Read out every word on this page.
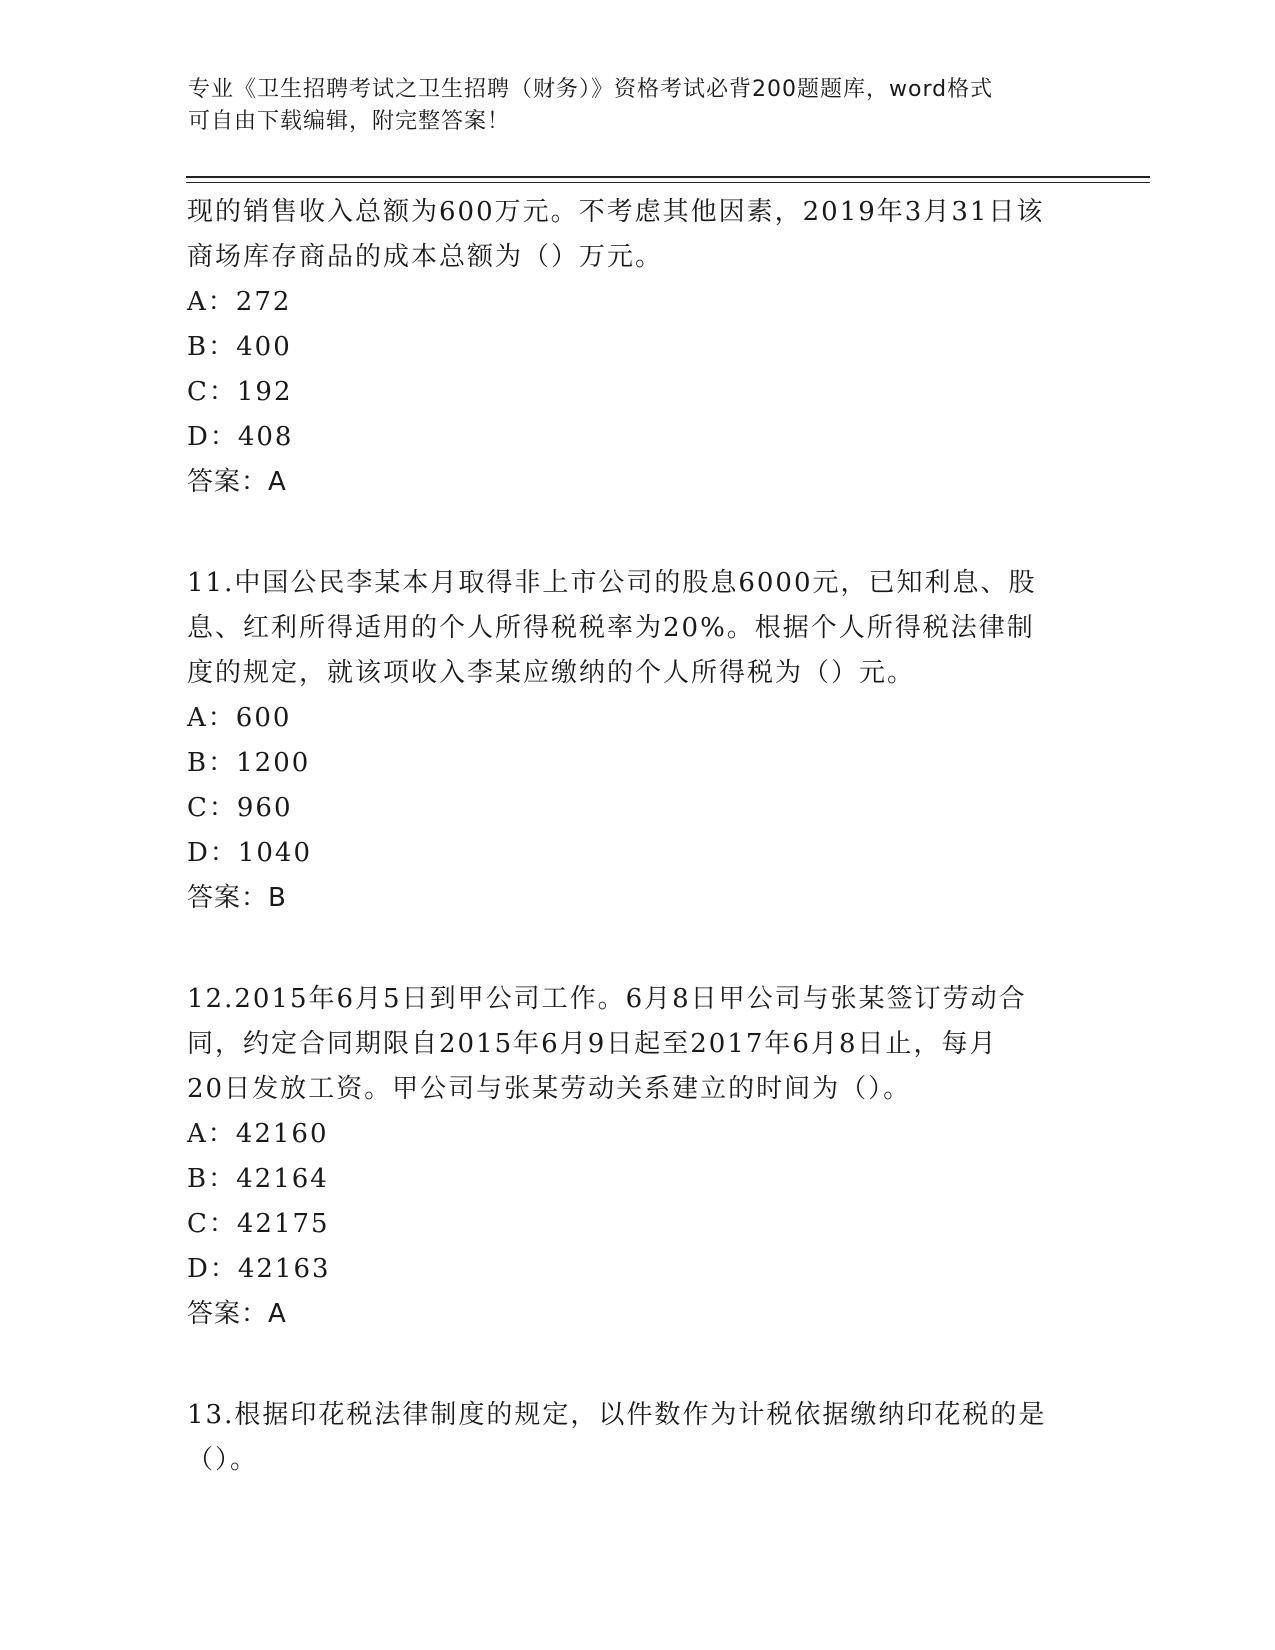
专业《卫生招聘考试之卫生招聘（财务）》资格考试必背200题题库，word格式
可自由下载编辑，附完整答案！

现的销售收入总额为600万元。不考虑其他因素，2019年3月31日该

商场库存商品的成本总额为（）万元。

A：272

B：400

C：192

D：408

答案：A

11.中国公民李某本月取得非上市公司的股息6000元，已知利息、股

息、红利所得适用的个人所得税税率为20%。根据个人所得税法律制

度的规定，就该项收入李某应缴纳的个人所得税为（）元。

A：600

B：1200

C：960

D：1040

答案：B

12.2015年6月5日到甲公司工作。6月8日甲公司与张某签订劳动合

同，约定合同期限自2015年6月9日起至2017年6月8日止，每月

20日发放工资。甲公司与张某劳动关系建立的时间为（）。

A：42160

B：42164

C：42175

D：42163

答案：A

13.根据印花税法律制度的规定，以件数作为计税依据缴纳印花税的是

（）。
